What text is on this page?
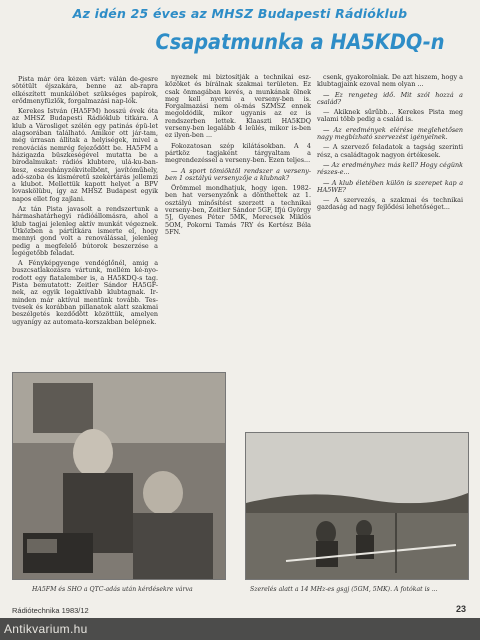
Az idén 25 éves az MHSZ Budapesti Rádióklub
Csapatmunka a HA5KDQ-n

Pista már óra kézen várt: válán de-gesre sötétült éjszakára, benne az ab-rapra elkészített munkálóbet szükséges papírok, erődmenyfüzlők, forgalmazási nap-lók.

Kerekes István (HA5FM) hosszú évek óta az MHSZ Budapesti Rádióklub titkára. A klub a Városliget szélén egy patinás épü-let alagsorában található. Amikor ott jár-tam, még úrrasan állítak a helyiségek, mivel a renováciás nemrég fejeződött be. HA5FM a házigazda büszkeségével mutatta be a birodalmukat: rádiós klubtere, ulá-ku-ban-kesz, eszeuhányzékvitelbönt, javítóműhely, adó-szoba és kisméretű szekértárás jellemzi a klubot. Mellettük kapott helyet a BPV lovaskölübu, így az MHSZ Budapest egyik napos ellet fog zajlani.

Az tán Pista javasolt a rendszertunk a hármashatárhegyi rádióállomásra, ahol a klub tagjai jelenleg aktív munkát végeznek. Útközben a pártitkára ismerte el, hogy mennyi gond volt a renoválással, jelenleg pedig a megfelelő bútorok beszerzése a legégetőbb feladat.

A Fényképgyenge vendéglőnél, amig a buszcsatlakozásra vártunk, mellém ké-nyo-rodott egy fiatalember is, a HA5KDQ-s tag. Pista bemutatott: Zeitler Sándor HA5GF-nek, az egyik legaktívabb klubtagnak. Ir-minden már aktívul mentünk tovább. Tes-tvesek és korábban pillanatok alatt szakmai beszélgetés kezdődött közöttük, amelyen ugyanígy az automata-korszakban belépnek.

nyeznek mi biztosítják a technikai esz-közöket és bírálnak szakmai területen. Ez csak önmagában kevés, a munkának ölnek meg kell nyerni a verseny-ben is. Forgalmazási nem ol-más SZMSZ ennek megoldódik, mikor ugyanis az ez is rendszerben lettek. Klaaszti HA5KDQ verseny-ben legalább 4 leülés, mikor is-ben ez ilyen-ben ...

Fokozatosan szép kilátásokban. A 4 pártköz tagjaként tárgyaltam a megrendezéssel a verseny-ben. Ezen teljes...

— A sport tömiöktöl rendszer a verseny-ben 1 osztályú versenyzője a klubnak?

Örömmel mondhatjuk, hogy igen. 1982-ben hat versenyzőnk a dönthettek az 1. osztályú minősítést szerzett a technikai verseny-ben, Zeitler Sándor 5GF, Ifjú György 5J, Gyenes Péter 5MK, Merecsek Miklós 5OM, Pokorni Tamás 7RY és Kertész Béla 5FN.

csenk, gyakorolniak. De azt hiszem, hogy a klubtagjaink ezoval nem olyan ...

— Ez rengeteg idő. Mit szól hozzá a család?

— Akiknek sűrűbb... Kerekes Pista meg valami több pedig a család is.

— Az eredmények elérése meglehetősen nagy megbízható szervezést igényelnek.

— A szervező feladatok a tagság szerinti rész, a családtagok nagyon értékesek.

— Az eredményhez más kell? Hogy cégünk részes-e...

— A klub életében külön is szerepet kap a HA5WE?

— A szervezés, a szakmai és technikai gazdaság ad nagy fejlődési lehetőséget...

HA5FM és SHO a QTC-adás után kérdésekre várva	Szerelés alatt a 14 MHz-es gsgj (5GM, 5MK). A fotókat is ...
Rádiótechnika 1983/12	23
Antikvarium.hu
